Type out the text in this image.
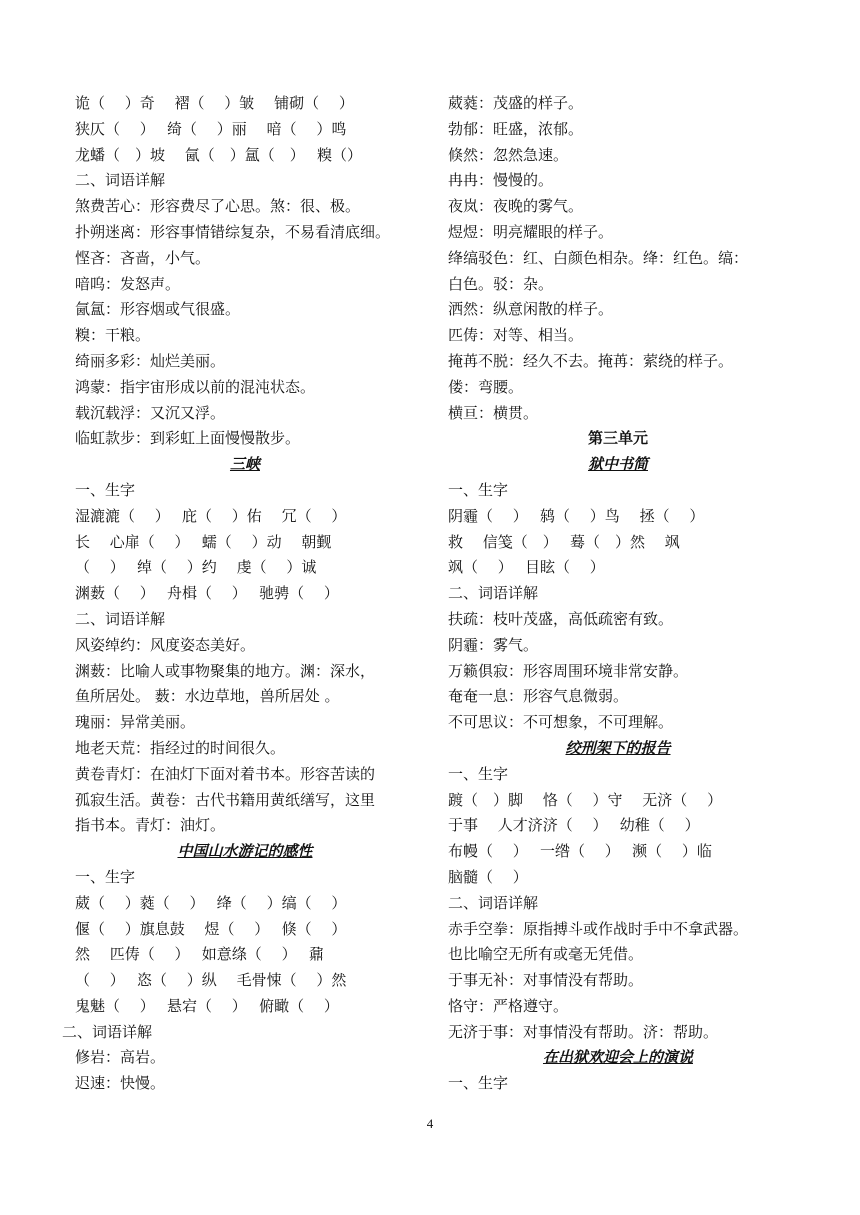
诡（　 ）奇　 褶（　 ）皱　 铺砌（　 ）
狭仄（　 ）　 绮（　 ）丽　 喑（　 ）鸣
龙蟠（　）坡　 氤（　）氲（　）　 糗（）
二、词语详解
煞费苦心：形容费尽了心思。煞：很、极。
扑朔迷离：形容事情错综复杂，不易看清底细。
悭吝：吝啬，小气。
喑呜：发怒声。
氤氲：形容烟或气很盛。
糗：干粮。
绮丽多彩：灿烂美丽。
鸿蒙：指宇宙形成以前的混沌状态。
载沉载浮：又沉又浮。
临虹款步：到彩虹上面慢慢散步。
三峡
一、生字
湿漉漉（　 ）　 庇（　 ）佑　 冗（　 ）
长　 心扉（　 ）　 蠕（　 ）动　 朝觐
（　 ）　 绰（　 ）约　 虔（　 ）诚
渊薮（　 ）　 舟楫（　 ）　 驰骋（　 ）
二、词语详解
风姿绰约：风度姿态美好。
渊薮：比喻人或事物聚集的地方。渊：深水，
鱼所居处。 薮：水边草地，兽所居处 。
瑰丽：异常美丽。
地老天荒：指经过的时间很久。
黄卷青灯：在油灯下面对着书本。形容苦读的
孤寂生活。黄卷：古代书籍用黄纸缮写，这里
指书本。青灯：油灯。
中国山水游记的感性
一、生字
葳（　 ）蕤（　 ）　 绛（　 ）缟（　 ）
偃（　 ）旗息鼓　 煜（　 ）　 倏（　 ）
然　 匹俦（　 ）　 如意绦（　 ）　 鼐
（　 ）　 恣（　 ）纵　 毛骨悚（　 ）然
鬼魅（　 ）　 悬宕（　 ）　 俯瞰（　 ）
二、词语详解
修岩：高岩。
迟速：快慢。
葳蕤：茂盛的样子。
勃郁：旺盛，浓郁。
倏然：忽然急速。
冉冉：慢慢的。
夜岚：夜晚的雾气。
煜煜：明亮耀眼的样子。
绛缟驳色：红、白颜色相杂。绛：红色。缟：
白色。驳：杂。
洒然：纵意闲散的样子。
匹俦：对等、相当。
掩苒不脱：经久不去。掩苒：萦绕的样子。
偻：弯腰。
横亘：横贯。
第三单元
狱中书简
一、生字
阴霾（　 ）　 鸫（　 ）鸟　 拯（　 ）
救　 信笺（　）　 蓦（　）然　 飒
飒（　 ）　 目眩（　 ）
二、词语详解
扶疏：枝叶茂盛，高低疏密有致。
阴霾：雾气。
万籁俱寂：形容周围环境非常安静。
奄奄一息：形容气息微弱。
不可思议：不可想象，不可理解。
绞刑架下的报告
一、生字
踱（　）脚　 恪（　 ）守　 无济（　 ）
于事　 人才济济（　 ）　 幼稚（　 ）
布幔（　 ）　 一绺（　 ）　 濒（　 ）临
脑髓（　 ）
二、词语详解
赤手空拳：原指搏斗或作战时手中不拿武器。
也比喻空无所有或毫无凭借。
于事无补：对事情没有帮助。
恪守：严格遵守。
无济于事：对事情没有帮助。济：帮助。
在出狱欢迎会上的演说
一、生字
4
